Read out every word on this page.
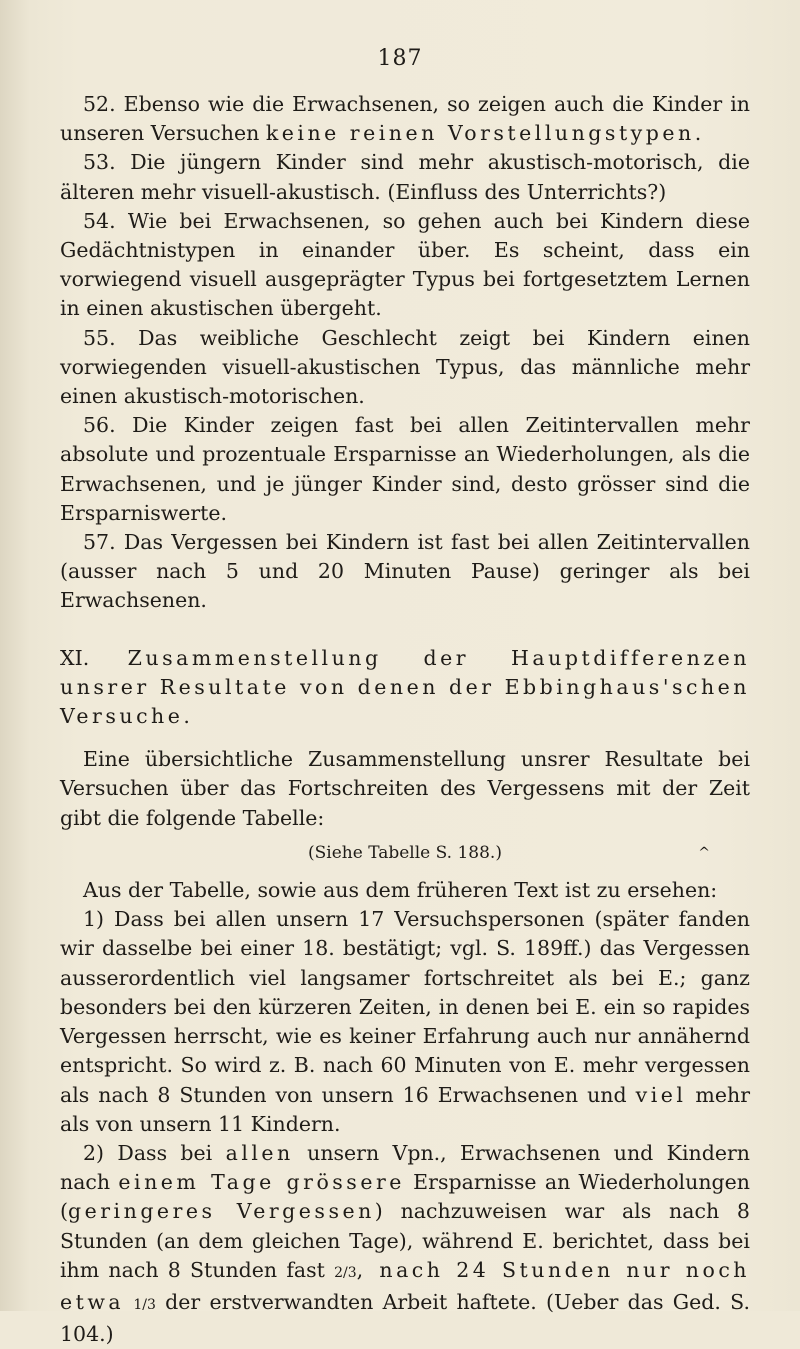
187

52. Ebenso wie die Erwachsenen, so zeigen auch die Kinder in unseren Versuchen keine reinen Vorstellungstypen.

53. Die jüngern Kinder sind mehr akustisch-motorisch, die älteren mehr visuell-akustisch. (Einfluss des Unterrichts?)

54. Wie bei Erwachsenen, so gehen auch bei Kindern diese Gedächtnistypen in einander über. Es scheint, dass ein vorwiegend visuell ausgeprägter Typus bei fortgesetztem Lernen in einen akustischen übergeht.

55. Das weibliche Geschlecht zeigt bei Kindern einen vorwiegenden visuell-akustischen Typus, das männliche mehr einen akustisch-motorischen.

56. Die Kinder zeigen fast bei allen Zeitintervallen mehr absolute und prozentuale Ersparnisse an Wiederholungen, als die Erwachsenen, und je jünger Kinder sind, desto grösser sind die Ersparniswerte.

57. Das Vergessen bei Kindern ist fast bei allen Zeitintervallen (ausser nach 5 und 20 Minuten Pause) geringer als bei Erwachsenen.

XI. Zusammenstellung der Hauptdifferenzen unsrer Resultate von denen der Ebbinghaus'schen Versuche.

Eine übersichtliche Zusammenstellung unsrer Resultate bei Versuchen über das Fortschreiten des Vergessens mit der Zeit gibt die folgende Tabelle:

(Siehe Tabelle S. 188.)	^

Aus der Tabelle, sowie aus dem früheren Text ist zu ersehen:

1) Dass bei allen unsern 17 Versuchspersonen (später fanden wir dasselbe bei einer 18. bestätigt; vgl. S. 189ff.) das Vergessen ausserordentlich viel langsamer fortschreitet als bei E.; ganz besonders bei den kürzeren Zeiten, in denen bei E. ein so rapides Vergessen herrscht, wie es keiner Erfahrung auch nur annähernd entspricht. So wird z. B. nach 60 Minuten von E. mehr vergessen als nach 8 Stunden von unsern 16 Erwachsenen und viel mehr als von unsern 11 Kindern.

2) Dass bei allen unsern Vpn., Erwachsenen und Kindern nach einem Tage grössere Ersparnisse an Wiederholungen (geringeres Vergessen) nachzuweisen war als nach 8 Stunden (an dem gleichen Tage), während E. berichtet, dass bei ihm nach 8 Stunden fast 2/3, nach 24 Stunden nur noch etwa 1/3 der erstverwandten Arbeit haftete. (Ueber das Ged. S. 104.)
